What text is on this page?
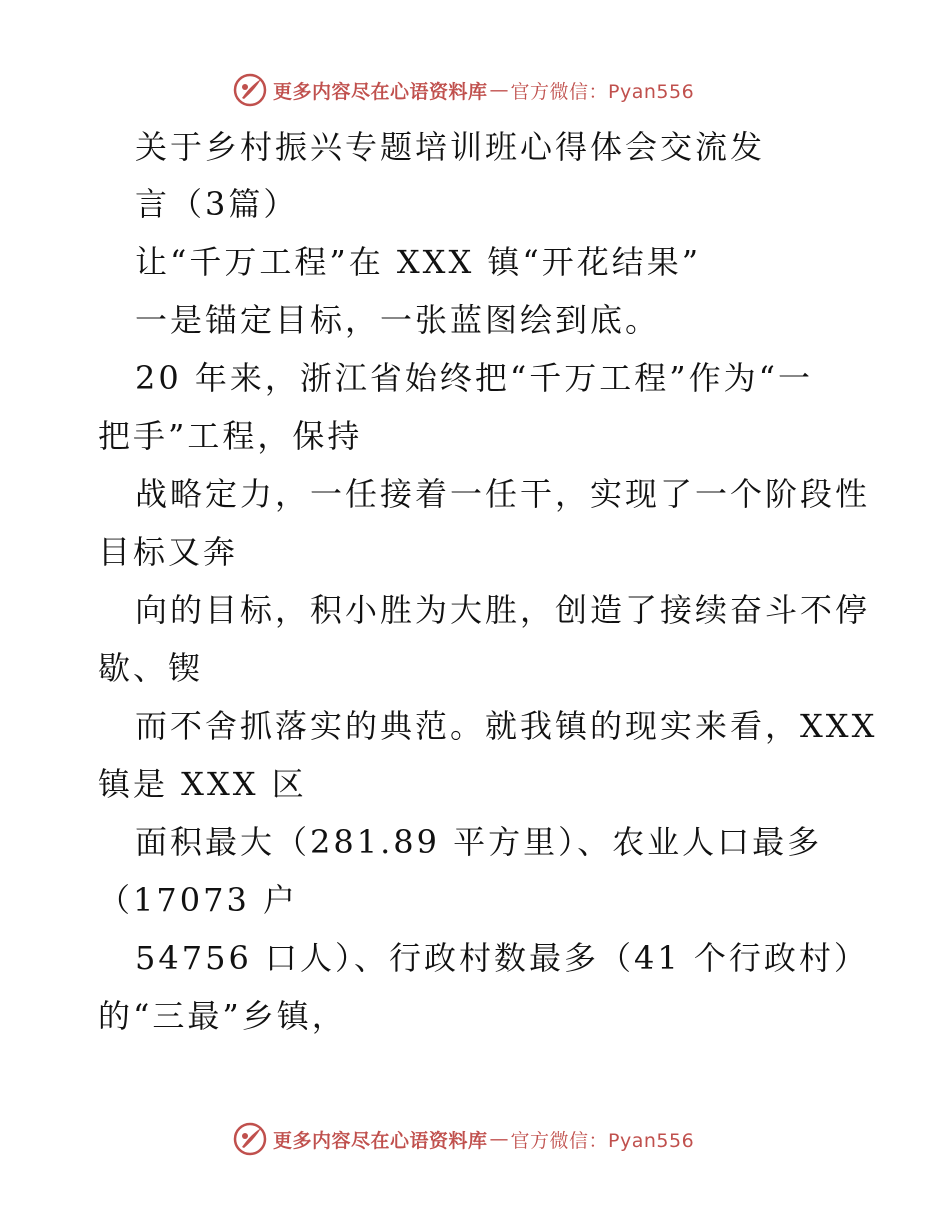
更多内容尽在心语资料库 — 官方微信：Pyan556
关于乡村振兴专题培训班心得体会交流发
言（3篇）
让“千万工程”在 XXX 镇“开花结果”
一是锚定目标，一张蓝图绘到底。
20 年来，浙江省始终把“千万工程”作为“一
把手”工程，保持
战略定力，一任接着一任干，实现了一个阶段性
目标又奔
向的目标，积小胜为大胜，创造了接续奋斗不停
歇、锲
而不舍抓落实的典范。就我镇的现实来看，XXX
镇是 XXX 区
面积最大（281.89 平方里）、农业人口最多
（17073 户
54756 口人）、行政村数最多（41 个行政村）
的“三最”乡镇，
更多内容尽在心语资料库 — 官方微信：Pyan556
